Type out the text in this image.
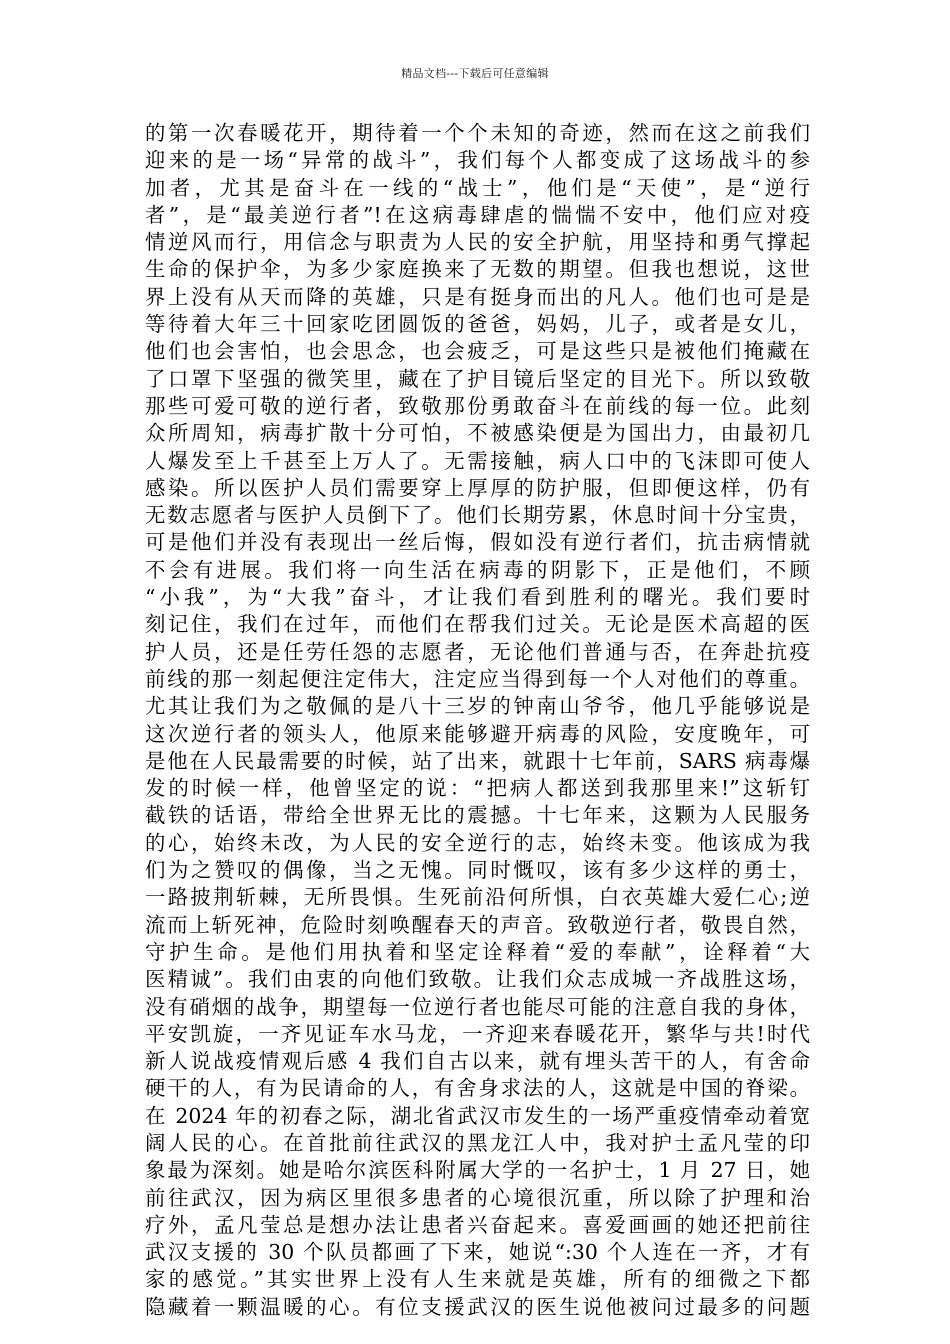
精品文档---下载后可任意编辑
的第一次春暖花开，期待着一个个未知的奇迹，然而在这之前我们
迎来的是一场“异常的战斗”，我们每个人都变成了这场战斗的参
加者，尤其是奋斗在一线的“战士”，他们是“天使”，是“逆行
者”，是“最美逆行者”!在这病毒肆虐的惴惴不安中，他们应对疫
情逆风而行，用信念与职责为人民的安全护航，用坚持和勇气撑起
生命的保护伞，为多少家庭换来了无数的期望。但我也想说，这世
界上没有从天而降的英雄，只是有挺身而出的凡人。他们也可是是
等待着大年三十回家吃团圆饭的爸爸，妈妈，儿子，或者是女儿，
他们也会害怕，也会思念，也会疲乏，可是这些只是被他们掩藏在
了口罩下坚强的微笑里，藏在了护目镜后坚定的目光下。所以致敬
那些可爱可敬的逆行者，致敬那份勇敢奋斗在前线的每一位。此刻
众所周知，病毒扩散十分可怕，不被感染便是为国出力，由最初几
人爆发至上千甚至上万人了。无需接触，病人口中的飞沫即可使人
感染。所以医护人员们需要穿上厚厚的防护服，但即便这样，仍有
无数志愿者与医护人员倒下了。他们长期劳累，休息时间十分宝贵，
可是他们并没有表现出一丝后悔，假如没有逆行者们，抗击病情就
不会有进展。我们将一向生活在病毒的阴影下，正是他们，不顾
“小我”，为“大我”奋斗，才让我们看到胜利的曙光。我们要时
刻记住，我们在过年，而他们在帮我们过关。无论是医术高超的医
护人员，还是任劳任怨的志愿者，无论他们普通与否，在奔赴抗疫
前线的那一刻起便注定伟大，注定应当得到每一个人对他们的尊重。
尤其让我们为之敬佩的是八十三岁的钟南山爷爷，他几乎能够说是
这次逆行者的领头人，他原来能够避开病毒的风险，安度晚年，可
是他在人民最需要的时候，站了出来，就跟十七年前，SARS 病毒爆
发的时候一样，他曾坚定的说：“把病人都送到我那里来!”这斩钉
截铁的话语，带给全世界无比的震撼。十七年来，这颗为人民服务
的心，始终未改，为人民的安全逆行的志，始终未变。他该成为我
们为之赞叹的偶像，当之无愧。同时慨叹，该有多少这样的勇士，
一路披荆斩棘，无所畏惧。生死前沿何所惧，白衣英雄大爱仁心;逆
流而上斩死神，危险时刻唤醒春天的声音。致敬逆行者，敬畏自然，
守护生命。是他们用执着和坚定诠释着“爱的奉献”，诠释着“大
医精诚”。我们由衷的向他们致敬。让我们众志成城一齐战胜这场，
没有硝烟的战争，期望每一位逆行者也能尽可能的注意自我的身体，
平安凯旋，一齐见证车水马龙，一齐迎来春暖花开，繁华与共!时代
新人说战疫情观后感 4 我们自古以来，就有埋头苦干的人，有舍命
硬干的人，有为民请命的人，有舍身求法的人，这就是中国的脊梁。
在 2024 年的初春之际，湖北省武汉市发生的一场严重疫情牵动着宽
阔人民的心。在首批前往武汉的黑龙江人中，我对护士孟凡莹的印
象最为深刻。她是哈尔滨医科附属大学的一名护士，1 月 27 日，她
前往武汉，因为病区里很多患者的心境很沉重，所以除了护理和治
疗外，孟凡莹总是想办法让患者兴奋起来。喜爱画画的她还把前往
武汉支援的 30 个队员都画了下来，她说“:30 个人连在一齐，才有
家的感觉。”其实世界上没有人生来就是英雄，所有的细微之下都
隐藏着一颗温暖的心。有位支援武汉的医生说他被问过最多的问题
